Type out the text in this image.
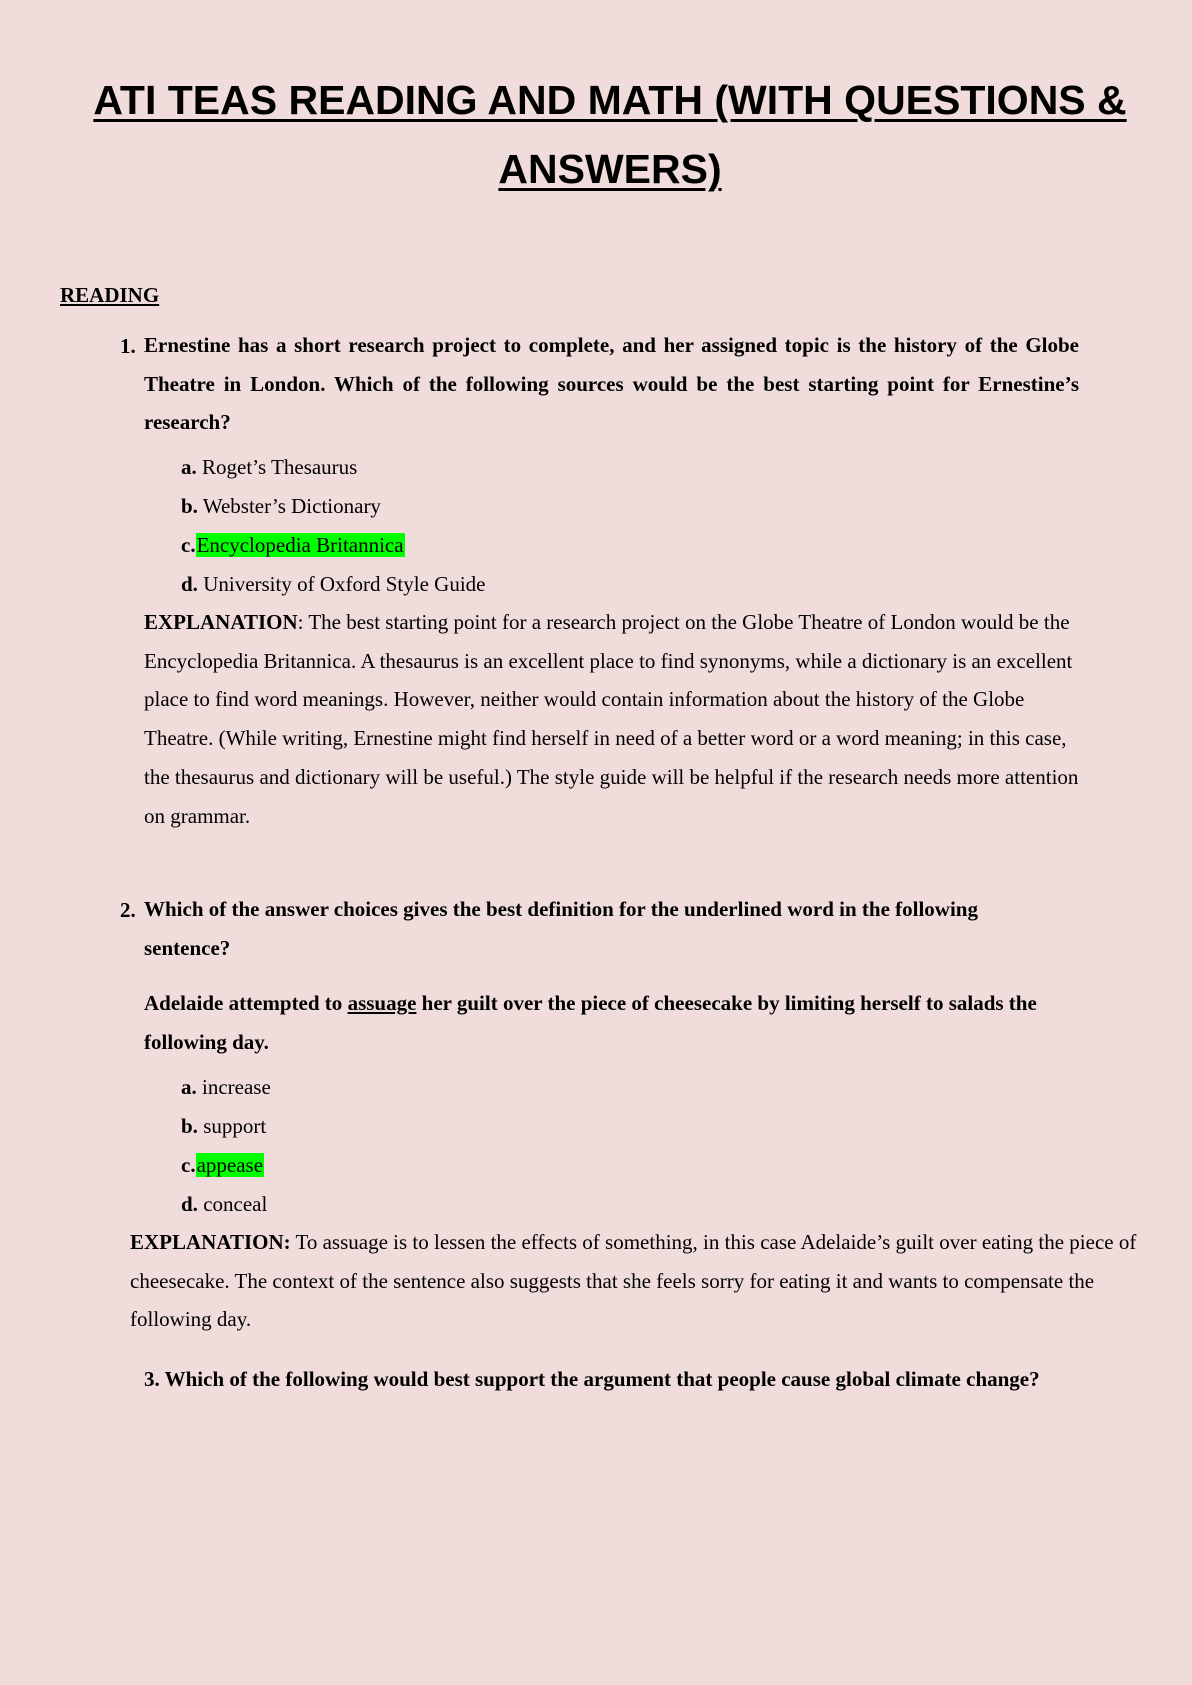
ATI TEAS READING AND MATH (WITH QUESTIONS &
ANSWERS)
READING
1. Ernestine has a short research project to complete, and her assigned topic is the history of the Globe Theatre in London. Which of the following sources would be the best starting point for Ernestine’s research?

a. Roget’s Thesaurus
b. Webster’s Dictionary
c.Encyclopedia Britannica
d. University of Oxford Style Guide

EXPLANATION: The best starting point for a research project on the Globe Theatre of London would be the Encyclopedia Britannica. A thesaurus is an excellent place to find synonyms, while a dictionary is an excellent place to find word meanings. However, neither would contain information about the history of the Globe Theatre. (While writing, Ernestine might find herself in need of a better word or a word meaning; in this case, the thesaurus and dictionary will be useful.) The style guide will be helpful if the research needs more attention on grammar.

2. Which of the answer choices gives the best definition for the underlined word in the following sentence?

Adelaide attempted to assuage her guilt over the piece of cheesecake by limiting herself to salads the following day.

a. increase
b. support
c.appease
d. conceal
EXPLANATION: To assuage is to lessen the effects of something, in this case Adelaide’s guilt over eating the piece of
cheesecake. The context of the sentence also suggests that she feels sorry for eating it and wants to compensate the
following day.

3. Which of the following would best support the argument that people cause global climate change?
